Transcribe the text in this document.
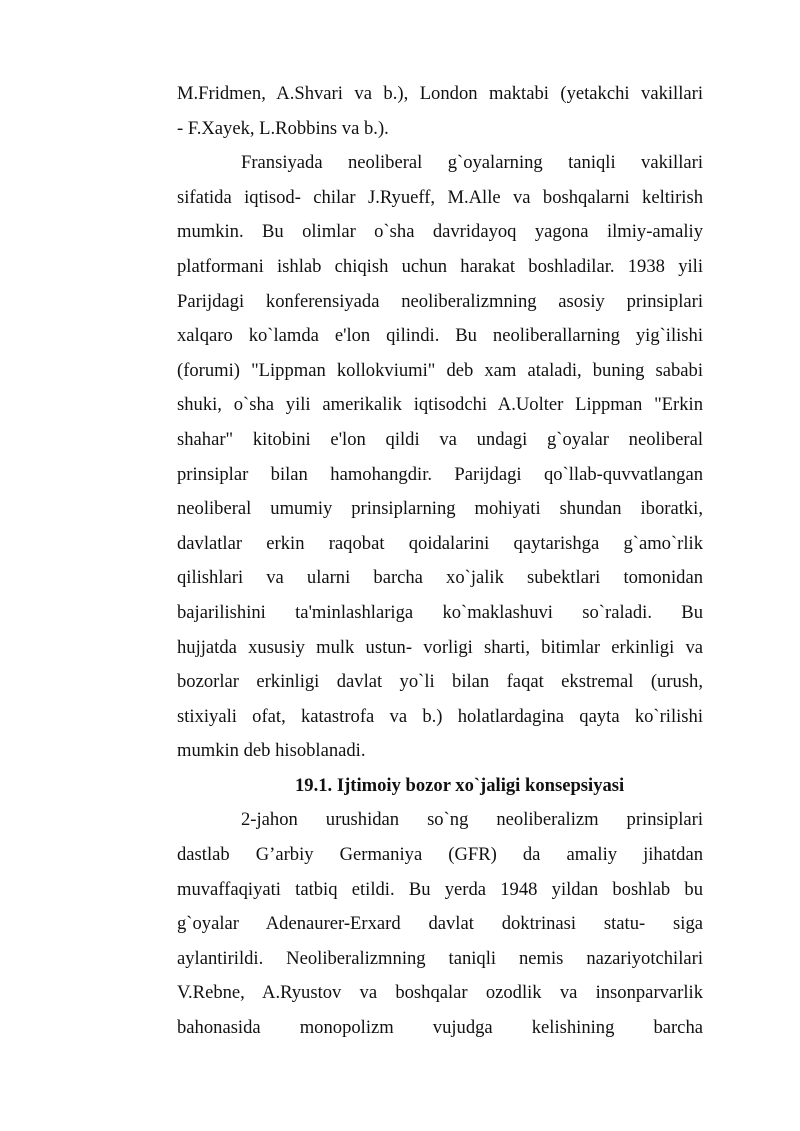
M.Fridmen, A.Shvari va b.), London maktabi (yetakchi vakillari
- F.Xayek, L.Robbins va b.).
Fransiyada neoliberal g`oyalarning taniqli vakillari
sifatida iqtisod- chilar J.Ryueff, M.Alle va boshqalarni keltirish
mumkin. Bu olimlar o`sha davridayoq yagona ilmiy-amaliy
platformani ishlab chiqish uchun harakat boshladilar. 1938 yili
Parijdagi konferensiyada neoliberalizmning asosiy prinsiplari
xalqaro ko`lamda e'lon qilindi. Bu neoliberallarning yig`ilishi
(forumi) "Lippman kollokviumi" deb xam ataladi, buning sababi
shuki, o`sha yili amerikalik iqtisodchi A.Uolter Lippman "Erkin
shahar" kitobini e'lon qildi va undagi g`oyalar neoliberal
prinsiplar bilan hamohangdir. Parijdagi qo`llab-quvvatlangan
neoliberal umumiy prinsiplarning mohiyati shundan iboratki,
davlatlar erkin raqobat qoidalarini qaytarishga g`amo`rlik
qilishlari va ularni barcha xo`jalik subektlari tomonidan
bajarilishini ta'minlashlariga ko`maklashuvi so`raladi. Bu
hujjatda xususiy mulk ustun- vorligi sharti, bitimlar erkinligi va
bozorlar erkinligi davlat yo`li bilan faqat ekstremal (urush,
stixiyali ofat, katastrofa va b.) holatlardagina qayta ko`rilishi
mumkin deb hisoblanadi.
19.1. Ijtimoiy bozor xo`jaligi konsepsiyasi
2-jahon urushidan so`ng neoliberalizm prinsiplari
dastlab G’arbiy Germaniya (GFR) da amaliy jihatdan
muvaffaqiyati tatbiq etildi. Bu yerda 1948 yildan boshlab bu
g`oyalar Adenaurer-Erxard davlat doktrinasi statu- siga
aylantirildi. Neoliberalizmning taniqli nemis nazariyotchilari
V.Rebne, A.Ryustov va boshqalar ozodlik va insonparvarlik
bahonasida monopolizm vujudga kelishining barcha
